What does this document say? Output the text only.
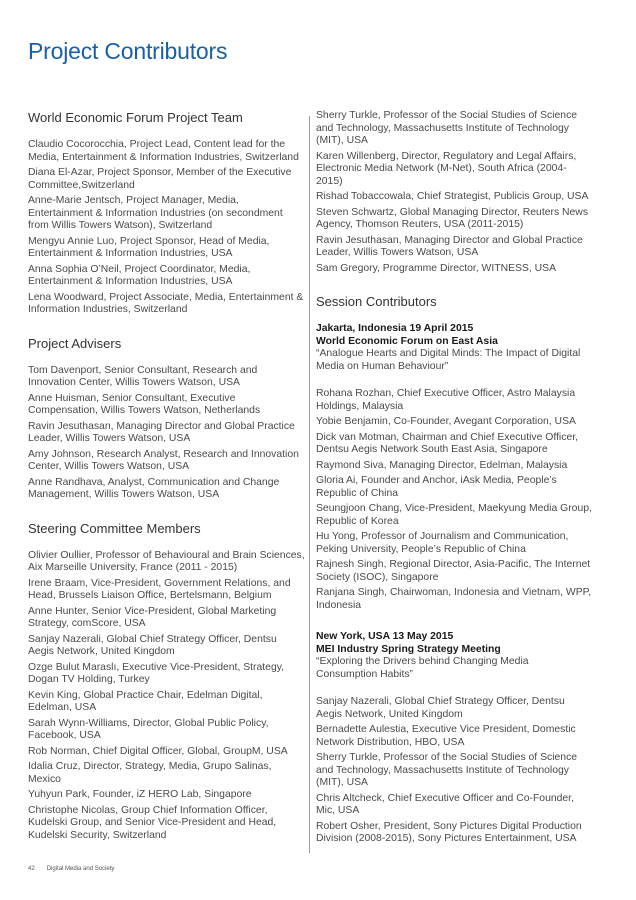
Project Contributors
World Economic Forum Project Team

Claudio Cocorocchia, Project Lead, Content lead for the Media, Entertainment & Information Industries, Switzerland

Diana El-Azar, Project Sponsor, Member of the Executive Committee,Switzerland

Anne-Marie Jentsch, Project Manager, Media, Entertainment & Information Industries (on secondment from Willis Towers Watson), Switzerland

Mengyu Annie Luo, Project Sponsor, Head of Media, Entertainment & Information Industries, USA

Anna Sophia O’Neil, Project Coordinator, Media, Entertainment & Information Industries, USA

Lena Woodward, Project Associate, Media, Entertainment & Information Industries, Switzerland

Project Advisers

Tom Davenport, Senior Consultant, Research and Innovation Center, Willis Towers Watson, USA

Anne Huisman, Senior Consultant, Executive Compensation, Willis Towers Watson, Netherlands

Ravin Jesuthasan, Managing Director and Global Practice Leader, Willis Towers Watson, USA

Amy Johnson, Research Analyst, Research and Innovation Center, Willis Towers Watson, USA

Anne Randhava, Analyst, Communication and Change Management, Willis Towers Watson, USA

Steering Committee Members

Olivier Oullier, Professor of Behavioural and Brain Sciences, Aix Marseille University, France (2011 - 2015)

Irene Braam, Vice-President, Government Relations, and Head, Brussels Liaison Office, Bertelsmann, Belgium

Anne Hunter, Senior Vice-President, Global Marketing Strategy, comScore, USA

Sanjay Nazerali, Global Chief Strategy Officer, Dentsu Aegis Network, United Kingdom

Ozge Bulut Maraslı, Executive Vice-President, Strategy, Dogan TV Holding, Turkey

Kevin King, Global Practice Chair, Edelman Digital, Edelman, USA

Sarah Wynn-Williams, Director, Global Public Policy, Facebook, USA

Rob Norman, Chief Digital Officer, Global, GroupM, USA

Idalia Cruz, Director, Strategy, Media, Grupo Salinas, Mexico

Yuhyun Park, Founder, iZ HERO Lab, Singapore

Christophe Nicolas, Group Chief Information Officer, Kudelski Group, and Senior Vice-President and Head, Kudelski Security, Switzerland

Sherry Turkle, Professor of the Social Studies of Science and Technology, Massachusetts Institute of Technology (MIT), USA

Karen Willenberg, Director, Regulatory and Legal Affairs, Electronic Media Network (M-Net), South Africa (2004-2015)

Rishad Tobaccowala, Chief Strategist, Publicis Group, USA

Steven Schwartz, Global Managing Director, Reuters News Agency, Thomson Reuters, USA (2011-2015)

Ravin Jesuthasan, Managing Director and Global Practice Leader, Willis Towers Watson, USA

Sam Gregory, Programme Director, WITNESS, USA

Session Contributors

Jakarta, Indonesia 19 April 2015

World Economic Forum on East Asia

“Analogue Hearts and Digital Minds: The Impact of Digital Media on Human Behaviour”

Rohana Rozhan, Chief Executive Officer, Astro Malaysia Holdings, Malaysia

Yobie Benjamin, Co-Founder, Avegant Corporation, USA

Dick van Motman, Chairman and Chief Executive Officer, Dentsu Aegis Network South East Asia, Singapore

Raymond Siva, Managing Director, Edelman, Malaysia

Gloria Ai, Founder and Anchor, iAsk Media, People’s Republic of China

Seungjoon Chang, Vice-President, Maekyung Media Group, Republic of Korea

Hu Yong, Professor of Journalism and Communication, Peking University, People’s Republic of China

Rajnesh Singh, Regional Director, Asia-Pacific, The Internet Society (ISOC), Singapore

Ranjana Singh, Chairwoman, Indonesia and Vietnam, WPP, Indonesia

New York, USA 13 May 2015

MEI Industry Spring Strategy Meeting

“Exploring the Drivers behind Changing Media Consumption Habits”

Sanjay Nazerali, Global Chief Strategy Officer, Dentsu Aegis Network, United Kingdom

Bernadette Aulestia, Executive Vice President, Domestic Network Distribution, HBO, USA

Sherry Turkle, Professor of the Social Studies of Science and Technology, Massachusetts Institute of Technology (MIT), USA

Chris Altcheck, Chief Executive Officer and Co-Founder, Mic, USA

Robert Osher, President, Sony Pictures Digital Production Division (2008-2015), Sony Pictures Entertainment, USA

42 Digital Media and Society
